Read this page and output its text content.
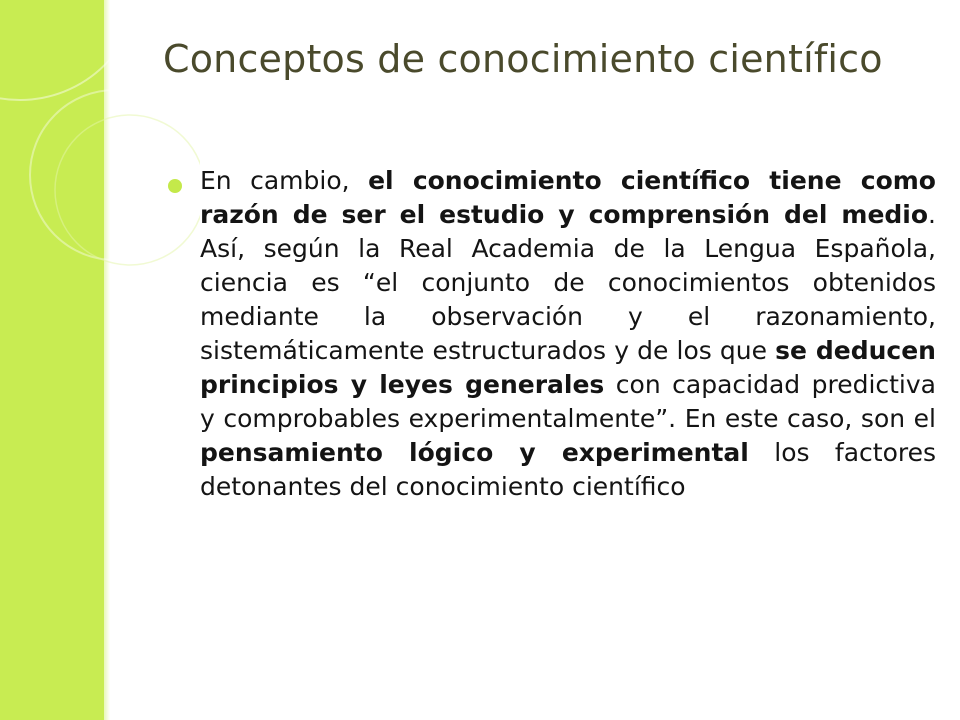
Conceptos de conocimiento científico

En cambio, el conocimiento científico tiene como razón de ser el estudio y comprensión del medio. Así, según la Real Academia de la Lengua Española, ciencia es “el conjunto de conocimientos obtenidos mediante la observación y el razonamiento, sistemáticamente estructurados y de los que se deducen principios y leyes generales con capacidad predictiva y comprobables experimentalmente”. En este caso, son el pensamiento lógico y experimental los factores detonantes del conocimiento científico
